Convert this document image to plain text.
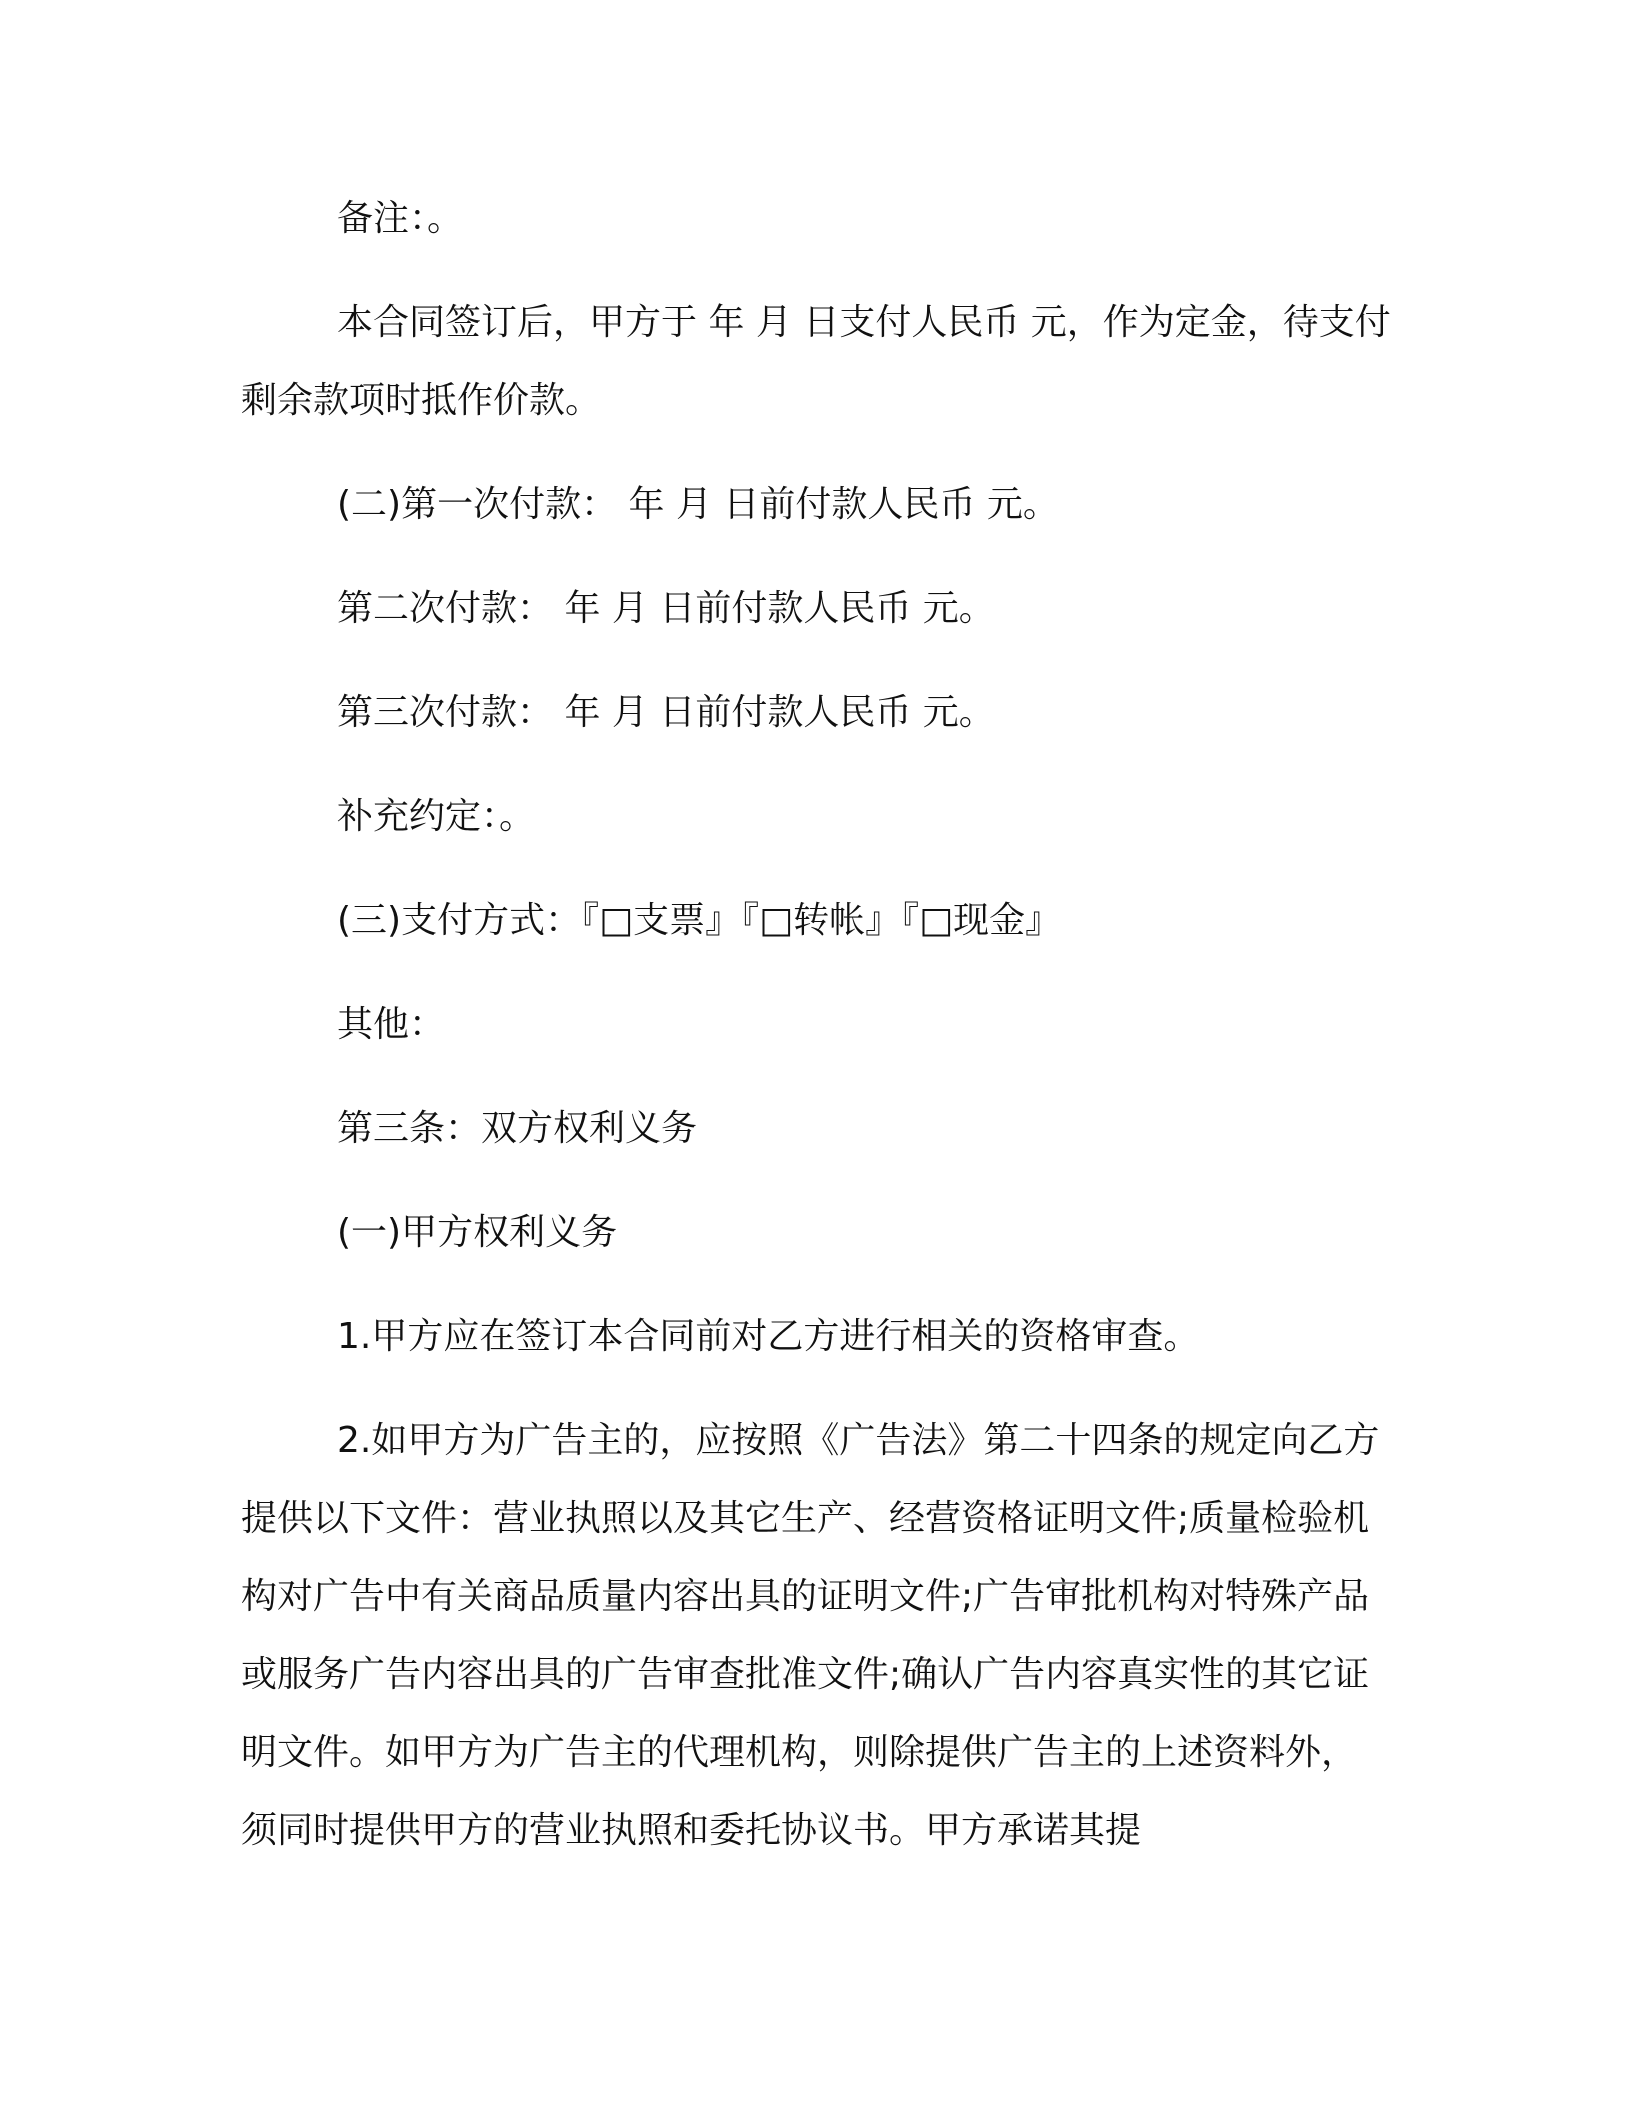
备注：。

本合同签订后，甲方于 年 月 日支付人民币 元，作为定金，待支付剩余款项时抵作价款。

(二)第一次付款： 年 月 日前付款人民币 元。

第二次付款： 年 月 日前付款人民币 元。

第三次付款： 年 月 日前付款人民币 元。

补充约定：。

(三)支付方式：『□支票』『□转帐』『□现金』

其他：

第三条：双方权利义务

(一)甲方权利义务

1.甲方应在签订本合同前对乙方进行相关的资格审查。

2.如甲方为广告主的，应按照《广告法》第二十四条的规定向乙方提供以下文件：营业执照以及其它生产、经营资格证明文件;质量检验机构对广告中有关商品质量内容出具的证明文件;广告审批机构对特殊产品或服务广告内容出具的广告审查批准文件;确认广告内容真实性的其它证明文件。如甲方为广告主的代理机构，则除提供广告主的上述资料外，须同时提供甲方的营业执照和委托协议书。甲方承诺其提
